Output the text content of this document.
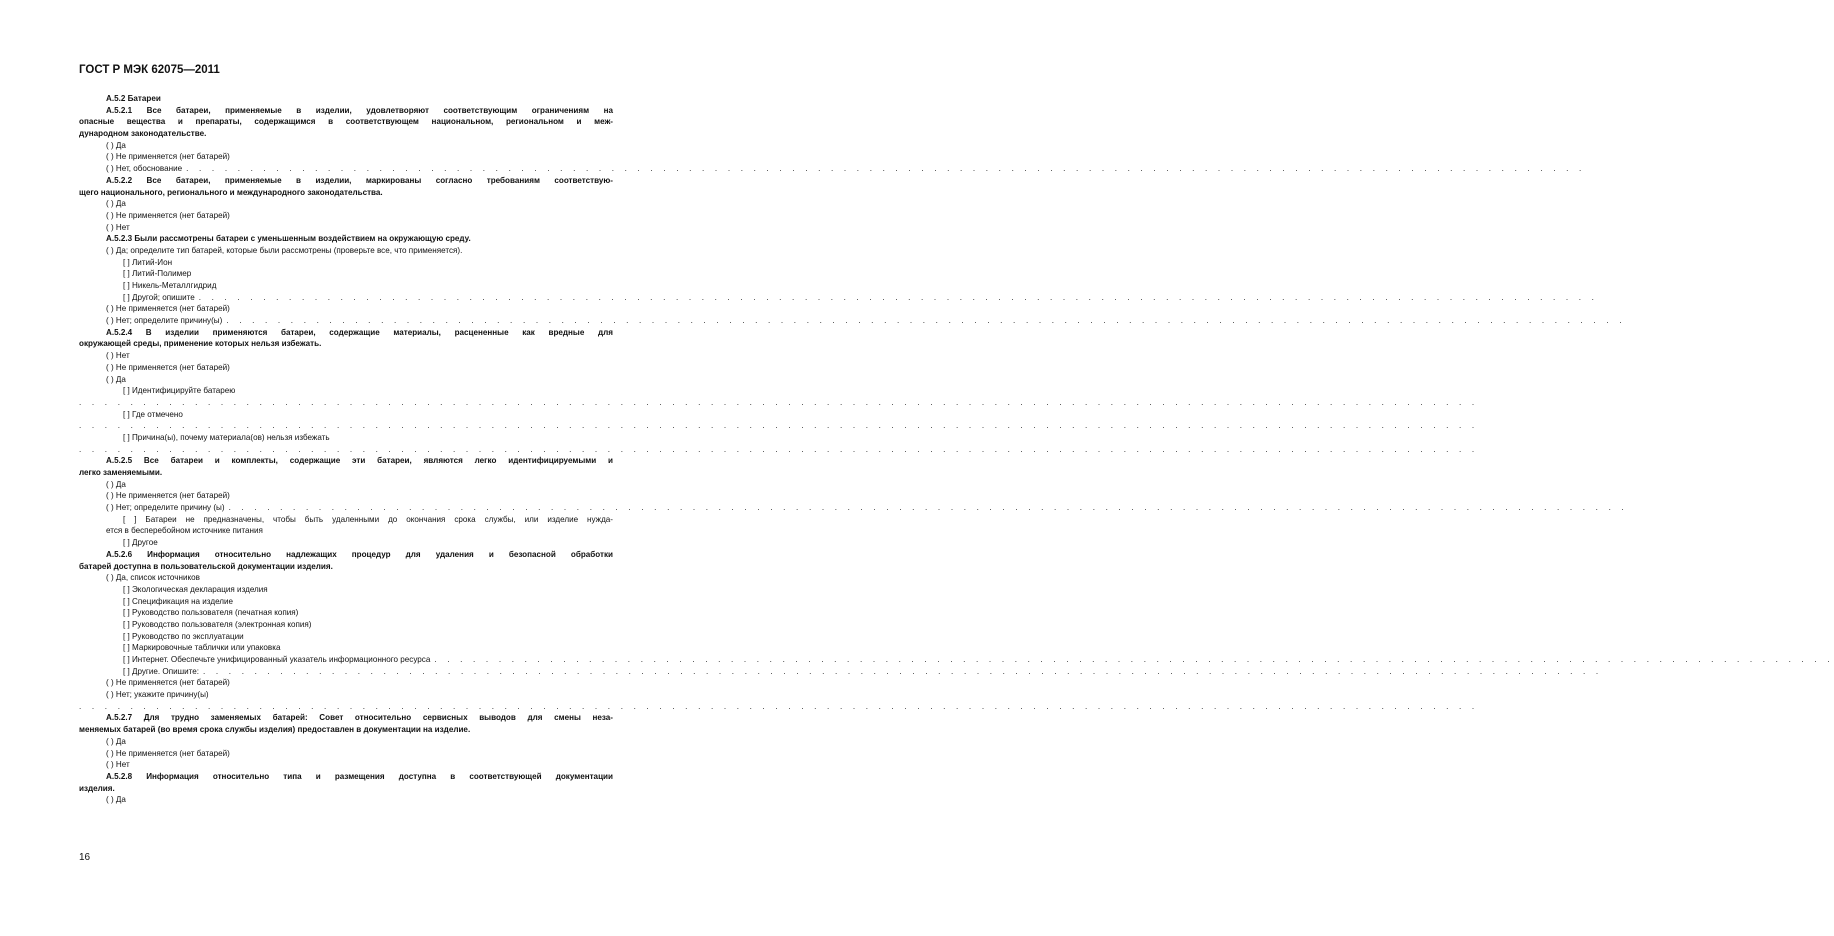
ГОСТ Р МЭК 62075—2011
А.5.2 Батареи
А.5.2.1 Все батареи, применяемые в изделии, удовлетворяют соответствующим ограничениям на
опасные вещества и препараты, содержащимся в соответствующем национальном, региональном и меж-
дународном законодательстве.
( ) Да
( ) Не применяется (нет батарей)
( ) Нет, обоснование . . . . . . . . . . . . . . . . . . . . . . . . . . . . . . . . . . . . . . . . . . . . . . . . . . . . . . . . . . . . . . . . . . . . . . . . . . . . . . . . . . . . . . . . . . . . . . . . . . . . . . . . . . . . .
А.5.2.2 Все батареи, применяемые в изделии, маркированы согласно требованиям соответствую-
щего национального, регионального и международного законодательства.
( ) Да
( ) Не применяется (нет батарей)
( ) Нет
А.5.2.3 Были рассмотрены батареи с уменьшенным воздействием на окружающую среду.
( ) Да; определите тип батарей, которые были рассмотрены (проверьте все, что применяется).
[ ] Литий-Ион
[ ] Литий-Полимер
[ ] Никель-Металлгидрид
[ ] Другой; опишите . . . . . . . . . . . . . . . . . . . . . . . . . . . . . . . . . . . . . . . . . . . . . . . . . . . . . . . . . . . . . . . . . . . . . . . . . . . . . . . . . . . . . . . . . . . . . . . . . . . . . . . . . . . . .
( ) Не применяется (нет батарей)
( ) Нет; определите причину(ы) . . . . . . . . . . . . . . . . . . . . . . . . . . . . . . . . . . . . . . . . . . . . . . . . . . . . . . . . . . . . . . . . . . . . . . . . . . . . . . . . . . . . . . . . . . . . . . . . . . . . . . . . . . . . .
А.5.2.4 В изделии применяются батареи, содержащие материалы, расцененные как вредные для
окружающей среды, применение которых нельзя избежать.
( ) Нет
( ) Не применяется (нет батарей)
( ) Да
[ ] Идентифицируйте батарею
. . . . . . . . . . . . . . . . . . . . . . . . . . . . . . . . . . . . . . . . . . . . . . . . . . . . . . . . . . . . . . . . . . . . . . . . . . . . . . . . . . . . . . . . . . . . . . . . . . . . . . . . . . . . .
[ ] Где отмечено
. . . . . . . . . . . . . . . . . . . . . . . . . . . . . . . . . . . . . . . . . . . . . . . . . . . . . . . . . . . . . . . . . . . . . . . . . . . . . . . . . . . . . . . . . . . . . . . . . . . . . . . . . . . . .
[ ] Причина(ы), почему материала(ов) нельзя избежать
. . . . . . . . . . . . . . . . . . . . . . . . . . . . . . . . . . . . . . . . . . . . . . . . . . . . . . . . . . . . . . . . . . . . . . . . . . . . . . . . . . . . . . . . . . . . . . . . . . . . . . . . . . . . .
А.5.2.5 Все батареи и комплекты, содержащие эти батареи, являются легко идентифицируемыми и
легко заменяемыми.
( ) Да
( ) Не применяется (нет батарей)
( ) Нет; определите причину (ы) . . . . . . . . . . . . . . . . . . . . . . . . . . . . . . . . . . . . . . . . . . . . . . . . . . . . . . . . . . . . . . . . . . . . . . . . . . . . . . . . . . . . . . . . . . . . . . . . . . . . . . . . . . . . .
[ ] Батареи не предназначены, чтобы быть удаленными до окончания срока службы, или изделие нужда-
ется в бесперебойном источнике питания
[ ] Другое
А.5.2.6 Информация относительно надлежащих процедур для удаления и безопасной обработки
батарей доступна в пользовательской документации изделия.
( ) Да, список источников
[ ] Экологическая декларация изделия
[ ] Спецификация на изделие
[ ] Руководство пользователя (печатная копия)
[ ] Руководство пользователя (электронная копия)
[ ] Руководство по эксплуатации
[ ] Маркировочные таблички или упаковка
[ ] Интернет. Обеспечьте унифицированный указатель информационного ресурса . . . . . . . . . . . . . . . . . . . . . . . . . . . . . . . . . . . . . . . . . . . . . . . . . . . . . . . . . . . . . . . . . . . . . . . . . . . . . . . . . . . . . . . . . . . . . . . . . . . . . . . . . . . . .
[ ] Другие. Опишите: . . . . . . . . . . . . . . . . . . . . . . . . . . . . . . . . . . . . . . . . . . . . . . . . . . . . . . . . . . . . . . . . . . . . . . . . . . . . . . . . . . . . . . . . . . . . . . . . . . . . . . . . . . . . .
( ) Не применяется (нет батарей)
( ) Нет; укажите причину(ы)
. . . . . . . . . . . . . . . . . . . . . . . . . . . . . . . . . . . . . . . . . . . . . . . . . . . . . . . . . . . . . . . . . . . . . . . . . . . . . . . . . . . . . . . . . . . . . . . . . . . . . . . . . . . . .
А.5.2.7 Для трудно заменяемых батарей: Совет относительно сервисных выводов для смены неза-
меняемых батарей (во время срока службы изделия) предоставлен в документации на изделие.
( ) Да
( ) Не применяется (нет батарей)
( ) Нет
А.5.2.8 Информация относительно типа и размещения доступна в соответствующей документации
изделия.
( ) Да
16
